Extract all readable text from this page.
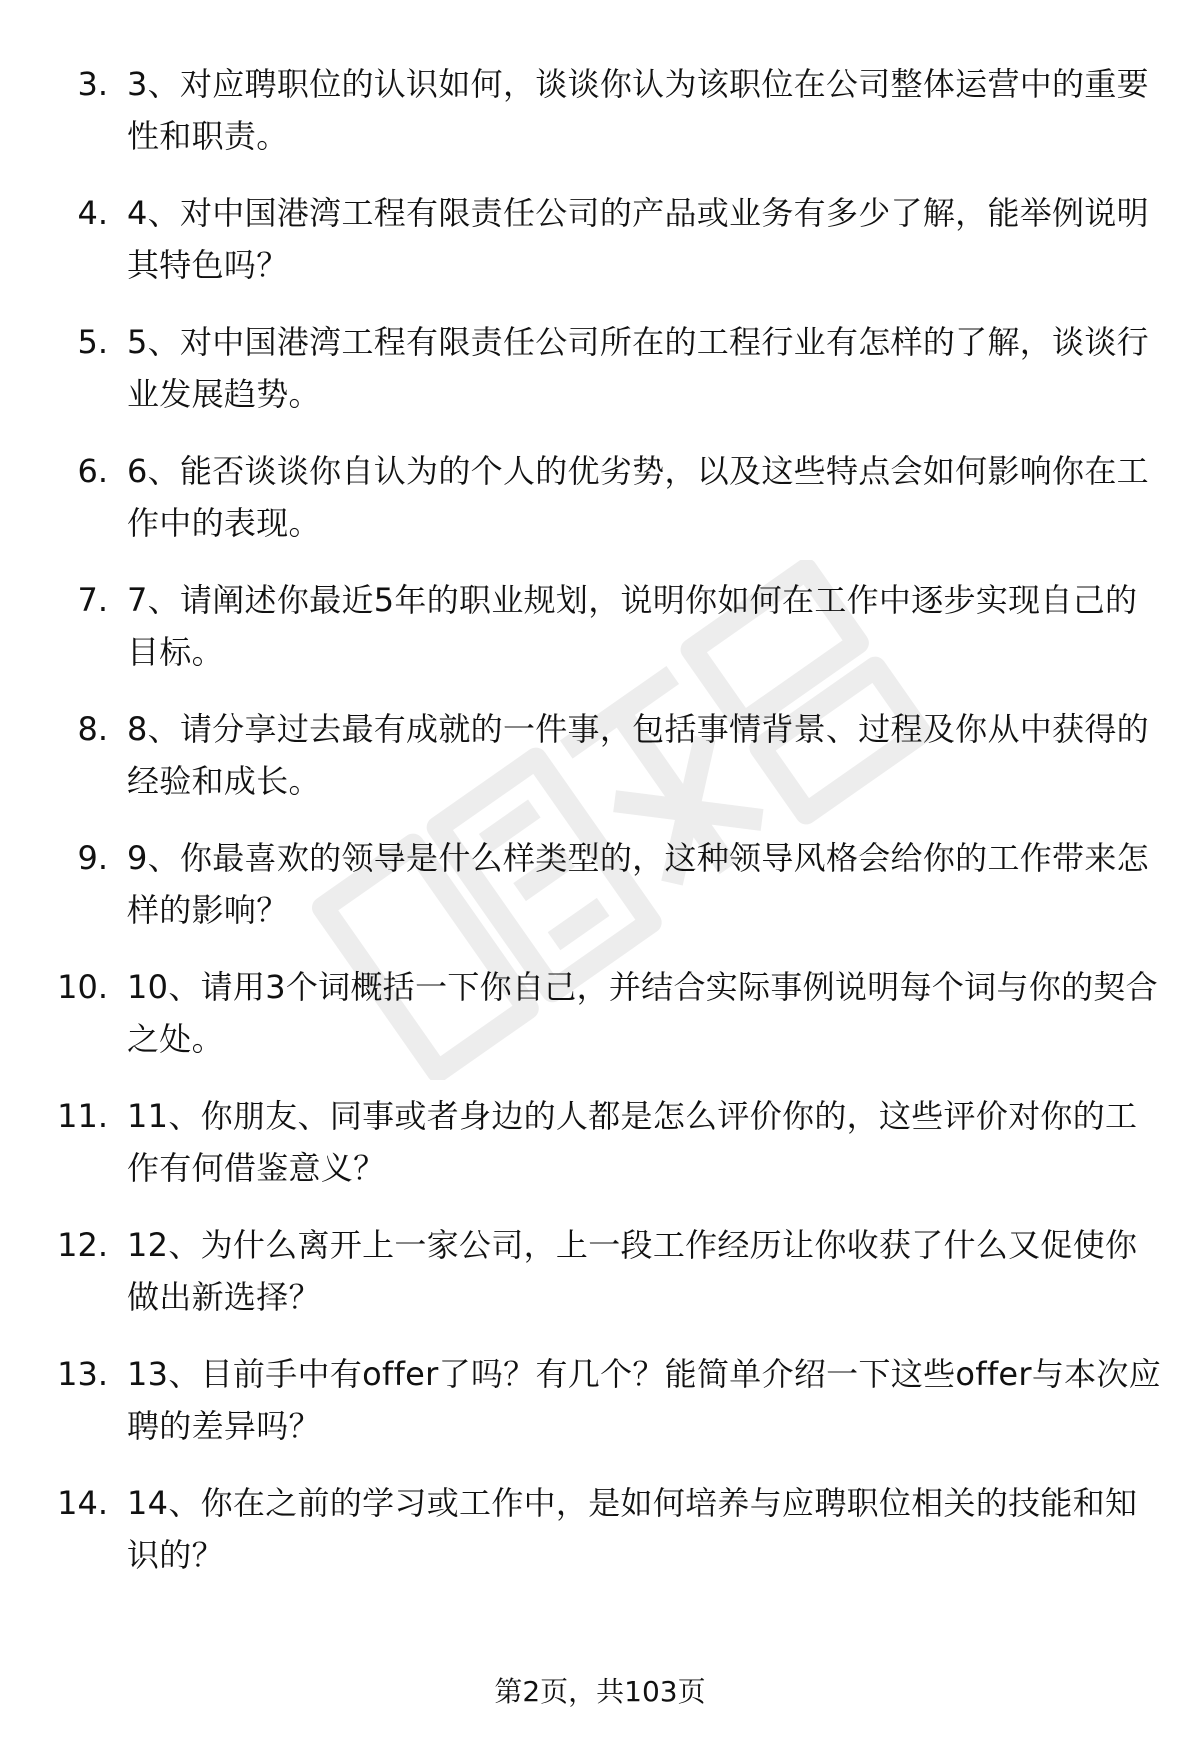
3. 3、对应聘职位的认识如何，谈谈你认为该职位在公司整体运营中的重要性和职责。
4. 4、对中国港湾工程有限责任公司的产品或业务有多少了解，能举例说明其特色吗？
5. 5、对中国港湾工程有限责任公司所在的工程行业有怎样的了解，谈谈行业发展趋势。
6. 6、能否谈谈你自认为的个人的优劣势，以及这些特点会如何影响你在工作中的表现。
7. 7、请阐述你最近5年的职业规划，说明你如何在工作中逐步实现自己的目标。
8. 8、请分享过去最有成就的一件事，包括事情背景、过程及你从中获得的经验和成长。
9. 9、你最喜欢的领导是什么样类型的，这种领导风格会给你的工作带来怎样的影响？
10. 10、请用3个词概括一下你自己，并结合实际事例说明每个词与你的契合之处。
11. 11、你朋友、同事或者身边的人都是怎么评价你的，这些评价对你的工作有何借鉴意义？
12. 12、为什么离开上一家公司，上一段工作经历让你收获了什么又促使你做出新选择？
13. 13、目前手中有offer了吗？有几个？能简单介绍一下这些offer与本次应聘的差异吗？
14. 14、你在之前的学习或工作中，是如何培养与应聘职位相关的技能和知识的？
第2页，共103页
